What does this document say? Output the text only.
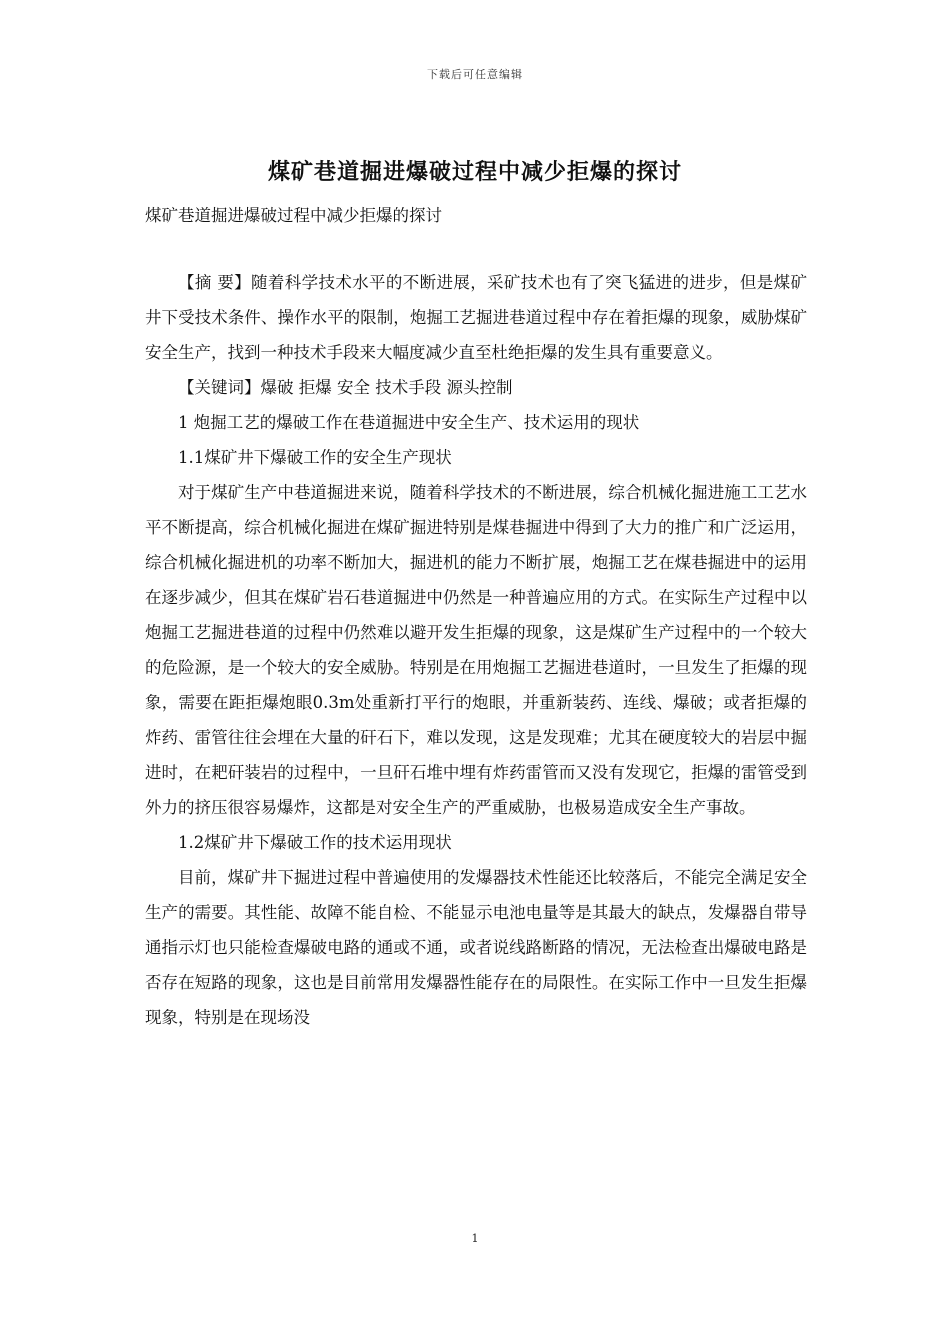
下载后可任意编辑
煤矿巷道掘进爆破过程中减少拒爆的探讨
煤矿巷道掘进爆破过程中减少拒爆的探讨

【摘 要】随着科学技术水平的不断进展，采矿技术也有了突飞猛进的进步，但是煤矿井下受技术条件、操作水平的限制，炮掘工艺掘进巷道过程中存在着拒爆的现象，威胁煤矿安全生产，找到一种技术手段来大幅度减少直至杜绝拒爆的发生具有重要意义。

【关键词】爆破 拒爆 安全 技术手段 源头控制

1 炮掘工艺的爆破工作在巷道掘进中安全生产、技术运用的现状

1.1煤矿井下爆破工作的安全生产现状

对于煤矿生产中巷道掘进来说，随着科学技术的不断进展，综合机械化掘进施工工艺水平不断提高，综合机械化掘进在煤矿掘进特别是煤巷掘进中得到了大力的推广和广泛运用，综合机械化掘进机的功率不断加大，掘进机的能力不断扩展，炮掘工艺在煤巷掘进中的运用在逐步减少，但其在煤矿岩石巷道掘进中仍然是一种普遍应用的方式。在实际生产过程中以炮掘工艺掘进巷道的过程中仍然难以避开发生拒爆的现象，这是煤矿生产过程中的一个较大的危险源，是一个较大的安全威胁。特别是在用炮掘工艺掘进巷道时，一旦发生了拒爆的现象，需要在距拒爆炮眼0.3m处重新打平行的炮眼，并重新装药、连线、爆破；或者拒爆的炸药、雷管往往会埋在大量的矸石下，难以发现，这是发现难；尤其在硬度较大的岩层中掘进时，在耙矸装岩的过程中，一旦矸石堆中埋有炸药雷管而又没有发现它，拒爆的雷管受到外力的挤压很容易爆炸，这都是对安全生产的严重威胁，也极易造成安全生产事故。

1.2煤矿井下爆破工作的技术运用现状

目前，煤矿井下掘进过程中普遍使用的发爆器技术性能还比较落后，不能完全满足安全生产的需要。其性能、故障不能自检、不能显示电池电量等是其最大的缺点，发爆器自带导通指示灯也只能检查爆破电路的通或不通，或者说线路断路的情况，无法检查出爆破电路是否存在短路的现象，这也是目前常用发爆器性能存在的局限性。在实际工作中一旦发生拒爆现象，特别是在现场没

1
